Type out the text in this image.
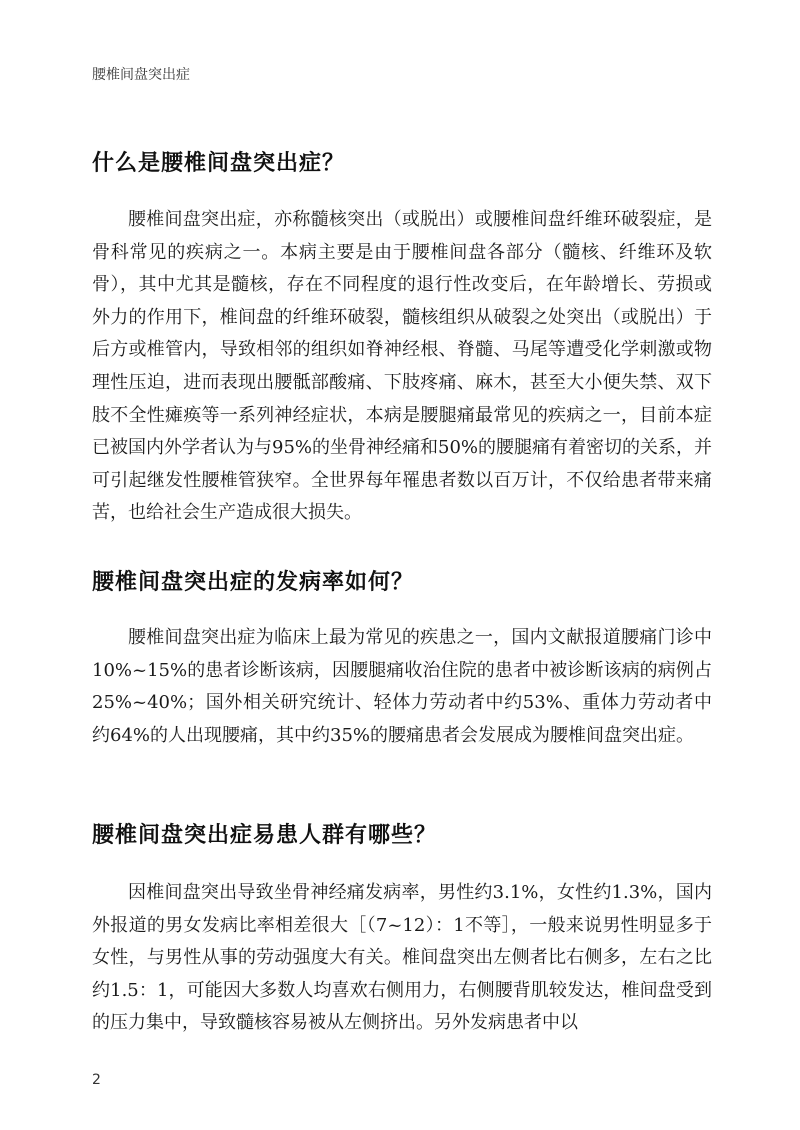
腰椎间盘突出症
什么是腰椎间盘突出症？

腰椎间盘突出症，亦称髓核突出（或脱出）或腰椎间盘纤维环破裂症，是骨科常见的疾病之一。本病主要是由于腰椎间盘各部分（髓核、纤维环及软骨），其中尤其是髓核，存在不同程度的退行性改变后，在年龄增长、劳损或外力的作用下，椎间盘的纤维环破裂，髓核组织从破裂之处突出（或脱出）于后方或椎管内，导致相邻的组织如脊神经根、脊髓、马尾等遭受化学刺激或物理性压迫，进而表现出腰骶部酸痛、下肢疼痛、麻木，甚至大小便失禁、双下肢不全性瘫痪等一系列神经症状，本病是腰腿痛最常见的疾病之一，目前本症已被国内外学者认为与95%的坐骨神经痛和50%的腰腿痛有着密切的关系，并可引起继发性腰椎管狭窄。全世界每年罹患者数以百万计，不仅给患者带来痛苦，也给社会生产造成很大损失。

腰椎间盘突出症的发病率如何？

腰椎间盘突出症为临床上最为常见的疾患之一，国内文献报道腰痛门诊中10%~15%的患者诊断该病，因腰腿痛收治住院的患者中被诊断该病的病例占25%~40%；国外相关研究统计、轻体力劳动者中约53%、重体力劳动者中约64%的人出现腰痛，其中约35%的腰痛患者会发展成为腰椎间盘突出症。

腰椎间盘突出症易患人群有哪些？

因椎间盘突出导致坐骨神经痛发病率，男性约3.1%，女性约1.3%，国内外报道的男女发病比率相差很大［（7~12）：1不等］，一般来说男性明显多于女性，与男性从事的劳动强度大有关。椎间盘突出左侧者比右侧多，左右之比约1.5：1，可能因大多数人均喜欢右侧用力，右侧腰背肌较发达，椎间盘受到的压力集中，导致髓核容易被从左侧挤出。另外发病患者中以

2
